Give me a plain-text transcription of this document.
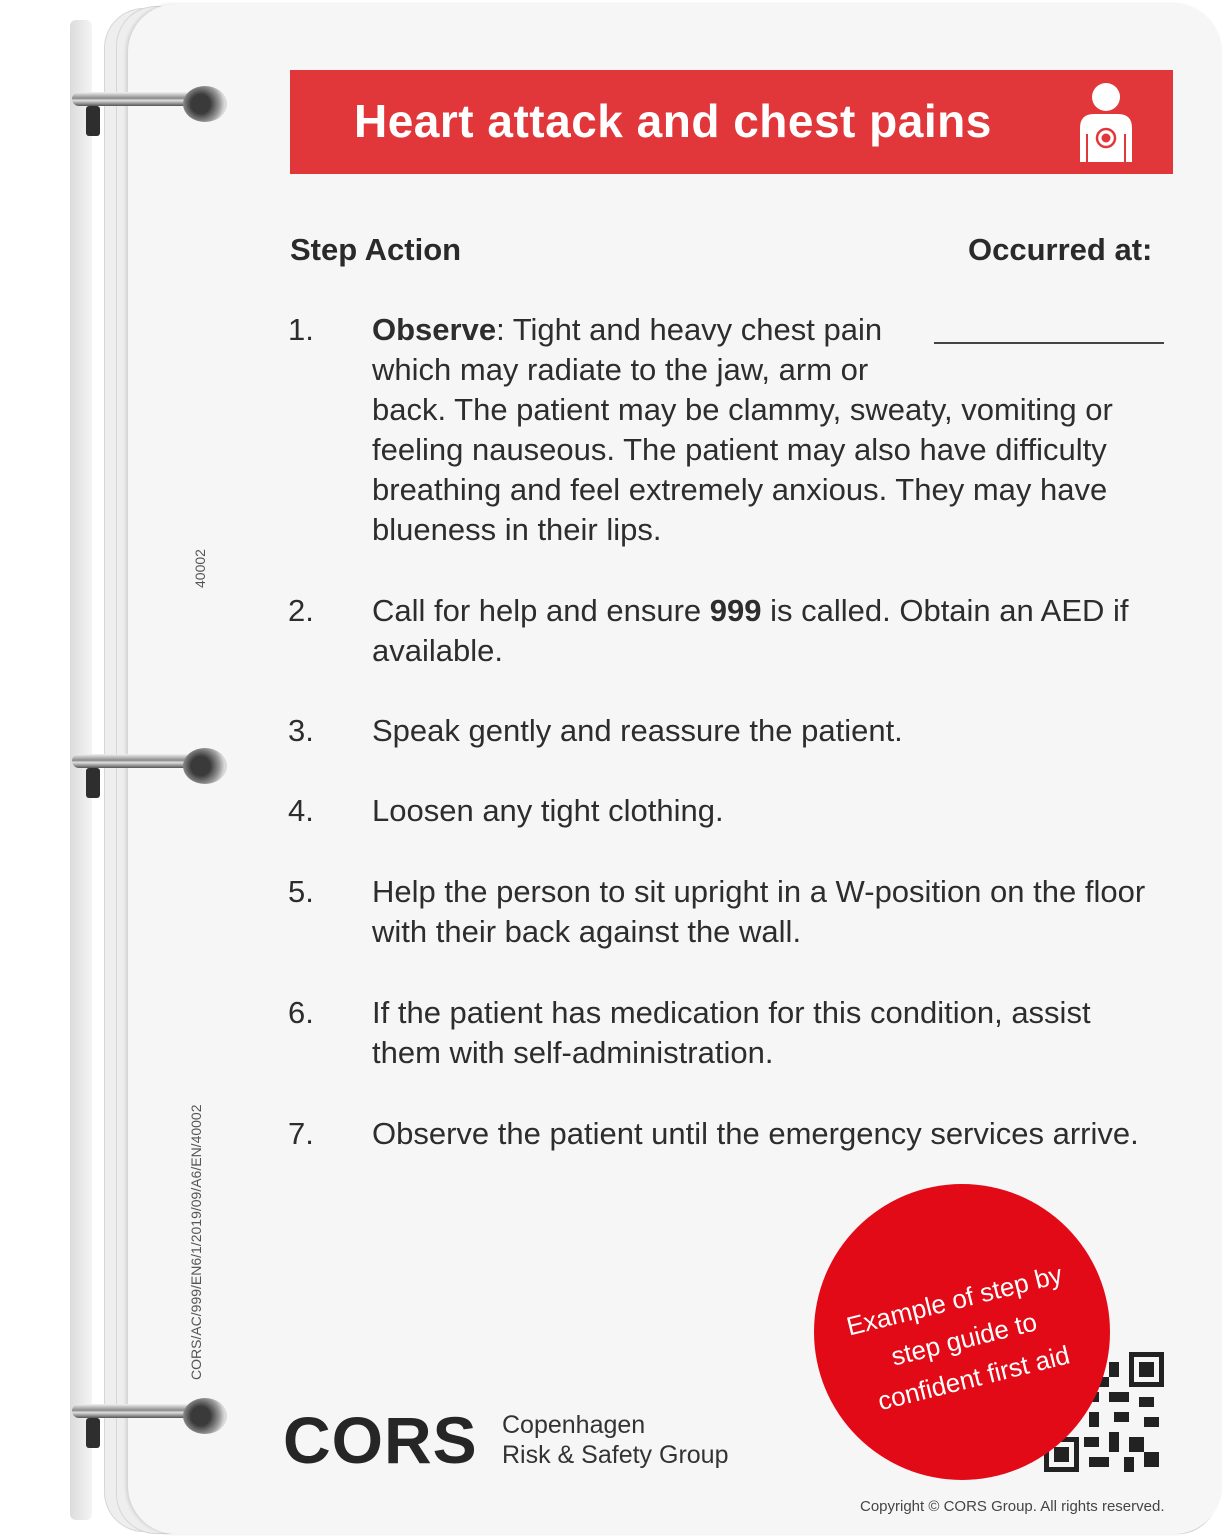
Heart attack and chest pains
Step Action	Occurred at:
1. Observe: Tight and heavy chest pain which may radiate to the jaw, arm or back. The patient may be clammy, sweaty, vomiting or feeling nauseous. The patient may also have difficulty breathing and feel extremely anxious. They may have blueness in their lips.
2. Call for help and ensure 999 is called. Obtain an AED if available.
3. Speak gently and reassure the patient.
4. Loosen any tight clothing.
5. Help the person to sit upright in a W-position on the floor with their back against the wall.
6. If the patient has medication for this condition, assist them with self-administration.
7. Observe the patient until the emergency services arrive.
40002
CORS/AC/999/EN6/1/2019/09/A6/EN/40002
CORS Copenhagen
Risk & Safety Group
Example of step by step guide to confident first aid
Copyright © CORS Group. All rights reserved.
